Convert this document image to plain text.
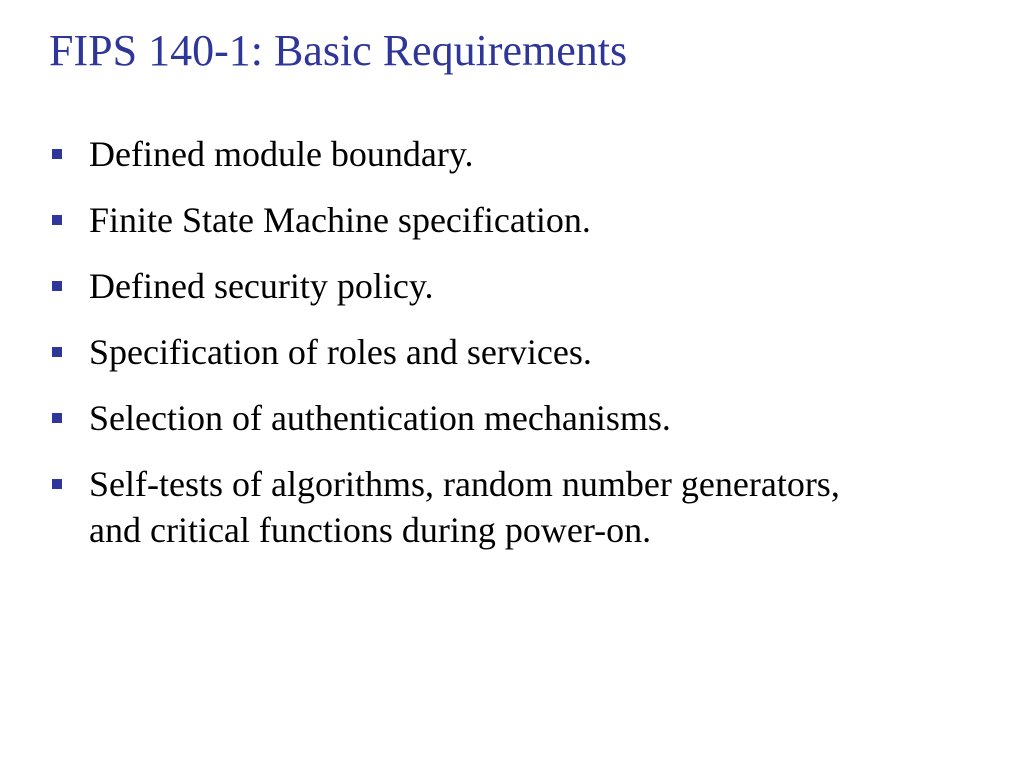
FIPS 140-1: Basic Requirements
Defined module boundary.
Finite State Machine specification.
Defined security policy.
Specification of roles and services.
Selection of authentication mechanisms.
Self-tests of algorithms, random number generators, and critical functions during power-on.
